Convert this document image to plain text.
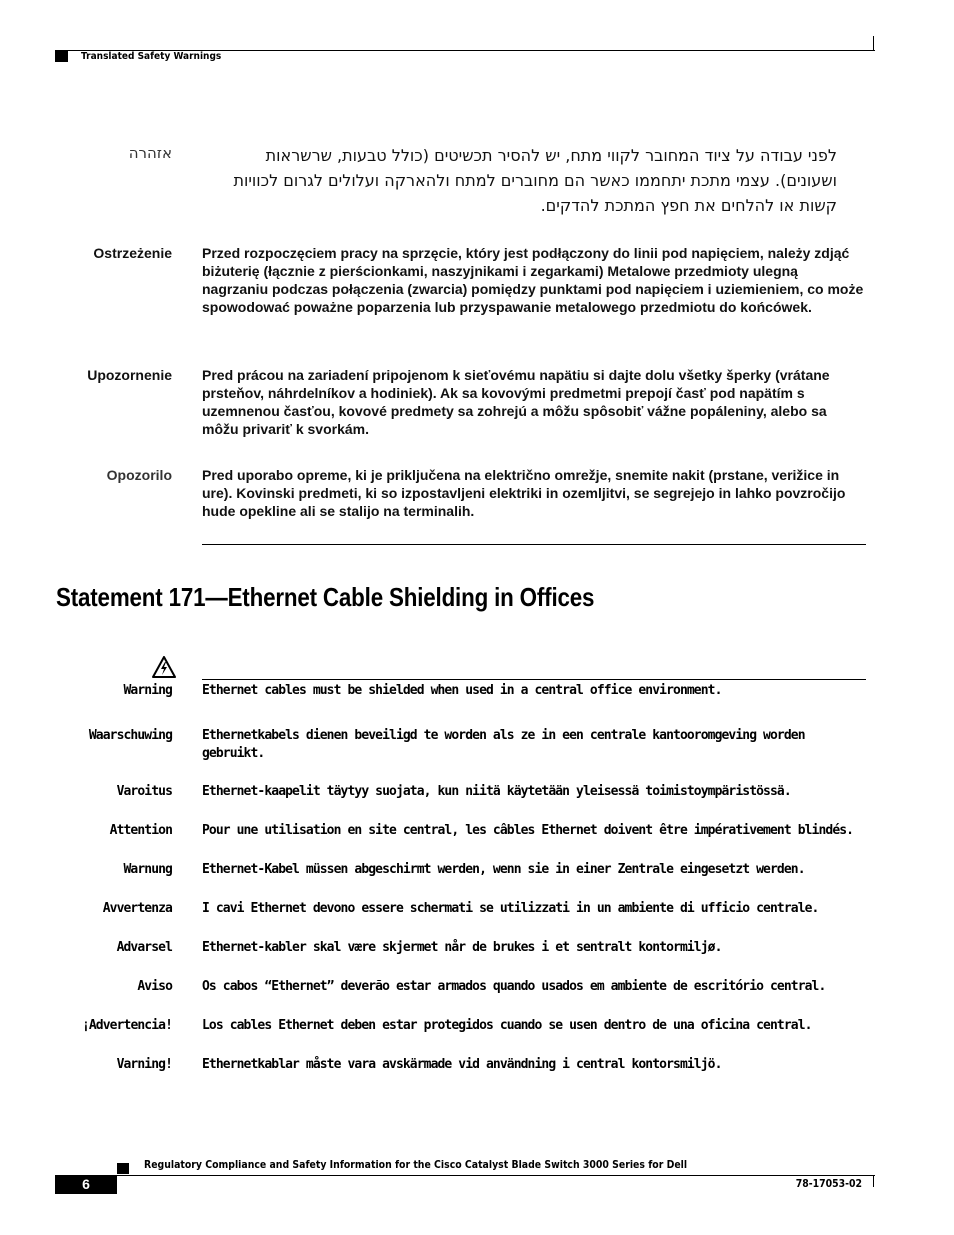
Translated Safety Warnings
אזהרה	לפני עבודה על ציוד המחובר לקווי מתח, יש להסיר תכשיטים (כולל טבעות, שרשראות ושעונים). עצמי מתכת יתחממו כאשר הם מחוברים למתח ולהארקה ועלולים לגרום לכוויות קשות או להלחים את חפץ המתכת להדקים.
Ostrzeżenie Przed rozpoczęciem pracy na sprzęcie, który jest podłączony do linii pod napięciem, należy zdjąć biżuterię (łącznie z pierścionkami, naszyjnikami i zegarkami) Metalowe przedmioty ulegną nagrzaniu podczas połączenia (zwarcia) pomiędzy punktami pod napięciem i uziemieniem, co może spowodować poważne poparzenia lub przyspawanie metalowego przedmiotu do końcówek.
Upozornenie Pred prácou na zariadení pripojenom k sieťovému napätiu si dajte dolu všetky šperky (vrátane prsteňov, náhrdelníkov a hodiniek). Ak sa kovovými predmetmi prepojí časť pod napätím s uzemnenou časťou, kovové predmety sa zohrejú a môžu spôsobiť vážne popáleniny, alebo sa môžu privariť k svorkám.
Opozorilo Pred uporabo opreme, ki je priključena na električno omrežje, snemite nakit (prstane, verižice in ure). Kovinski predmeti, ki so izpostavljeni elektriki in ozemljitvi, se segrejejo in lahko povzročijo hude opekline ali se stalijo na terminalih.
Statement 171—Ethernet Cable Shielding in Offices
Warning Ethernet cables must be shielded when used in a central office environment.
Waarschuwing Ethernetkabels dienen beveiligd te worden als ze in een centrale kantooromgeving worden gebruikt.
Varoitus Ethernet-kaapelit täytyy suojata, kun niitä käytetään yleisessä toimistoympäristössä.
Attention Pour une utilisation en site central, les câbles Ethernet doivent être impérativement blindés.
Warnung Ethernet-Kabel müssen abgeschirmt werden, wenn sie in einer Zentrale eingesetzt werden.
Avvertenza I cavi Ethernet devono essere schermati se utilizzati in un ambiente di ufficio centrale.
Advarsel Ethernet-kabler skal være skjermet når de brukes i et sentralt kontormiljø.
Aviso Os cabos “Ethernet” deverão estar armados quando usados em ambiente de escritório central.
¡Advertencia! Los cables Ethernet deben estar protegidos cuando se usen dentro de una oficina central.
Varning! Ethernetkablar måste vara avskärmade vid användning i central kontorsmiljö.
Regulatory Compliance and Safety Information for the Cisco Catalyst Blade Switch 3000 Series for Dell
6	78-17053-02
